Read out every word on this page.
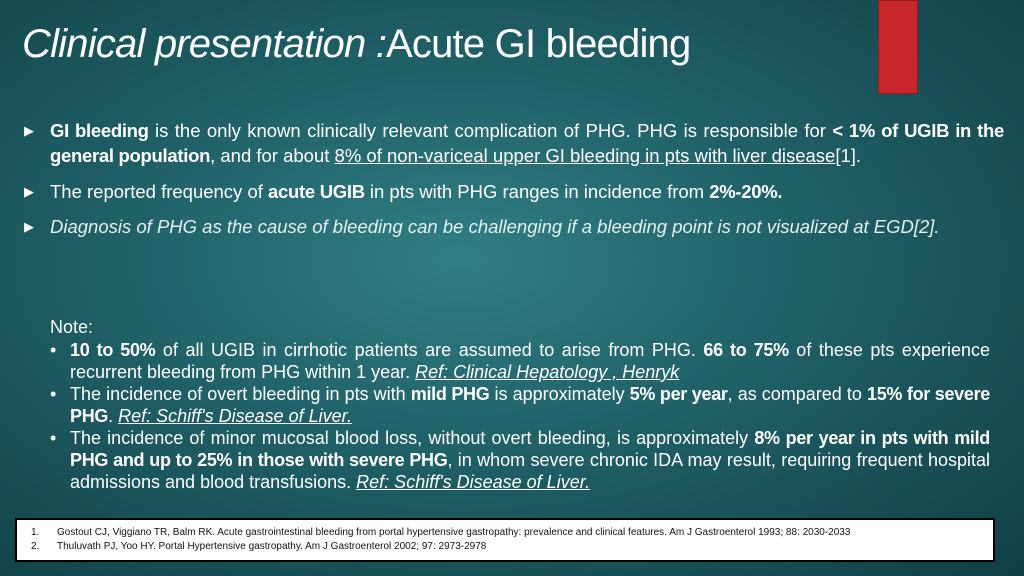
Clinical presentation :Acute GI bleeding
▶ GI bleeding is the only known clinically relevant complication of PHG. PHG is responsible for < 1% of UGIB in the general population, and for about 8% of non-variceal upper GI bleeding in pts with liver disease[1].
▶ The reported frequency of acute UGIB in pts with PHG ranges in incidence from 2%-20%.
▶ Diagnosis of PHG as the cause of bleeding can be challenging if a bleeding point is not visualized at EGD[2].
Note:
• 10 to 50% of all UGIB in cirrhotic patients are assumed to arise from PHG. 66 to 75% of these pts experience recurrent bleeding from PHG within 1 year. Ref: Clinical Hepatology , Henryk
• The incidence of overt bleeding in pts with mild PHG is approximately 5% per year, as compared to 15% for severe PHG. Ref: Schiff's Disease of Liver.
• The incidence of minor mucosal blood loss, without overt bleeding, is approximately 8% per year in pts with mild PHG and up to 25% in those with severe PHG, in whom severe chronic IDA may result, requiring frequent hospital admissions and blood transfusions. Ref: Schiff's Disease of Liver.
1. Gostout CJ, Viggiano TR, Balm RK. Acute gastrointestinal bleeding from portal hypertensive gastropathy: prevalence and clinical features. Am J Gastroenterol 1993; 88: 2030-2033
2. Thuluvath PJ, Yoo HY. Portal Hypertensive gastropathy. Am J Gastroenterol 2002; 97: 2973-2978
